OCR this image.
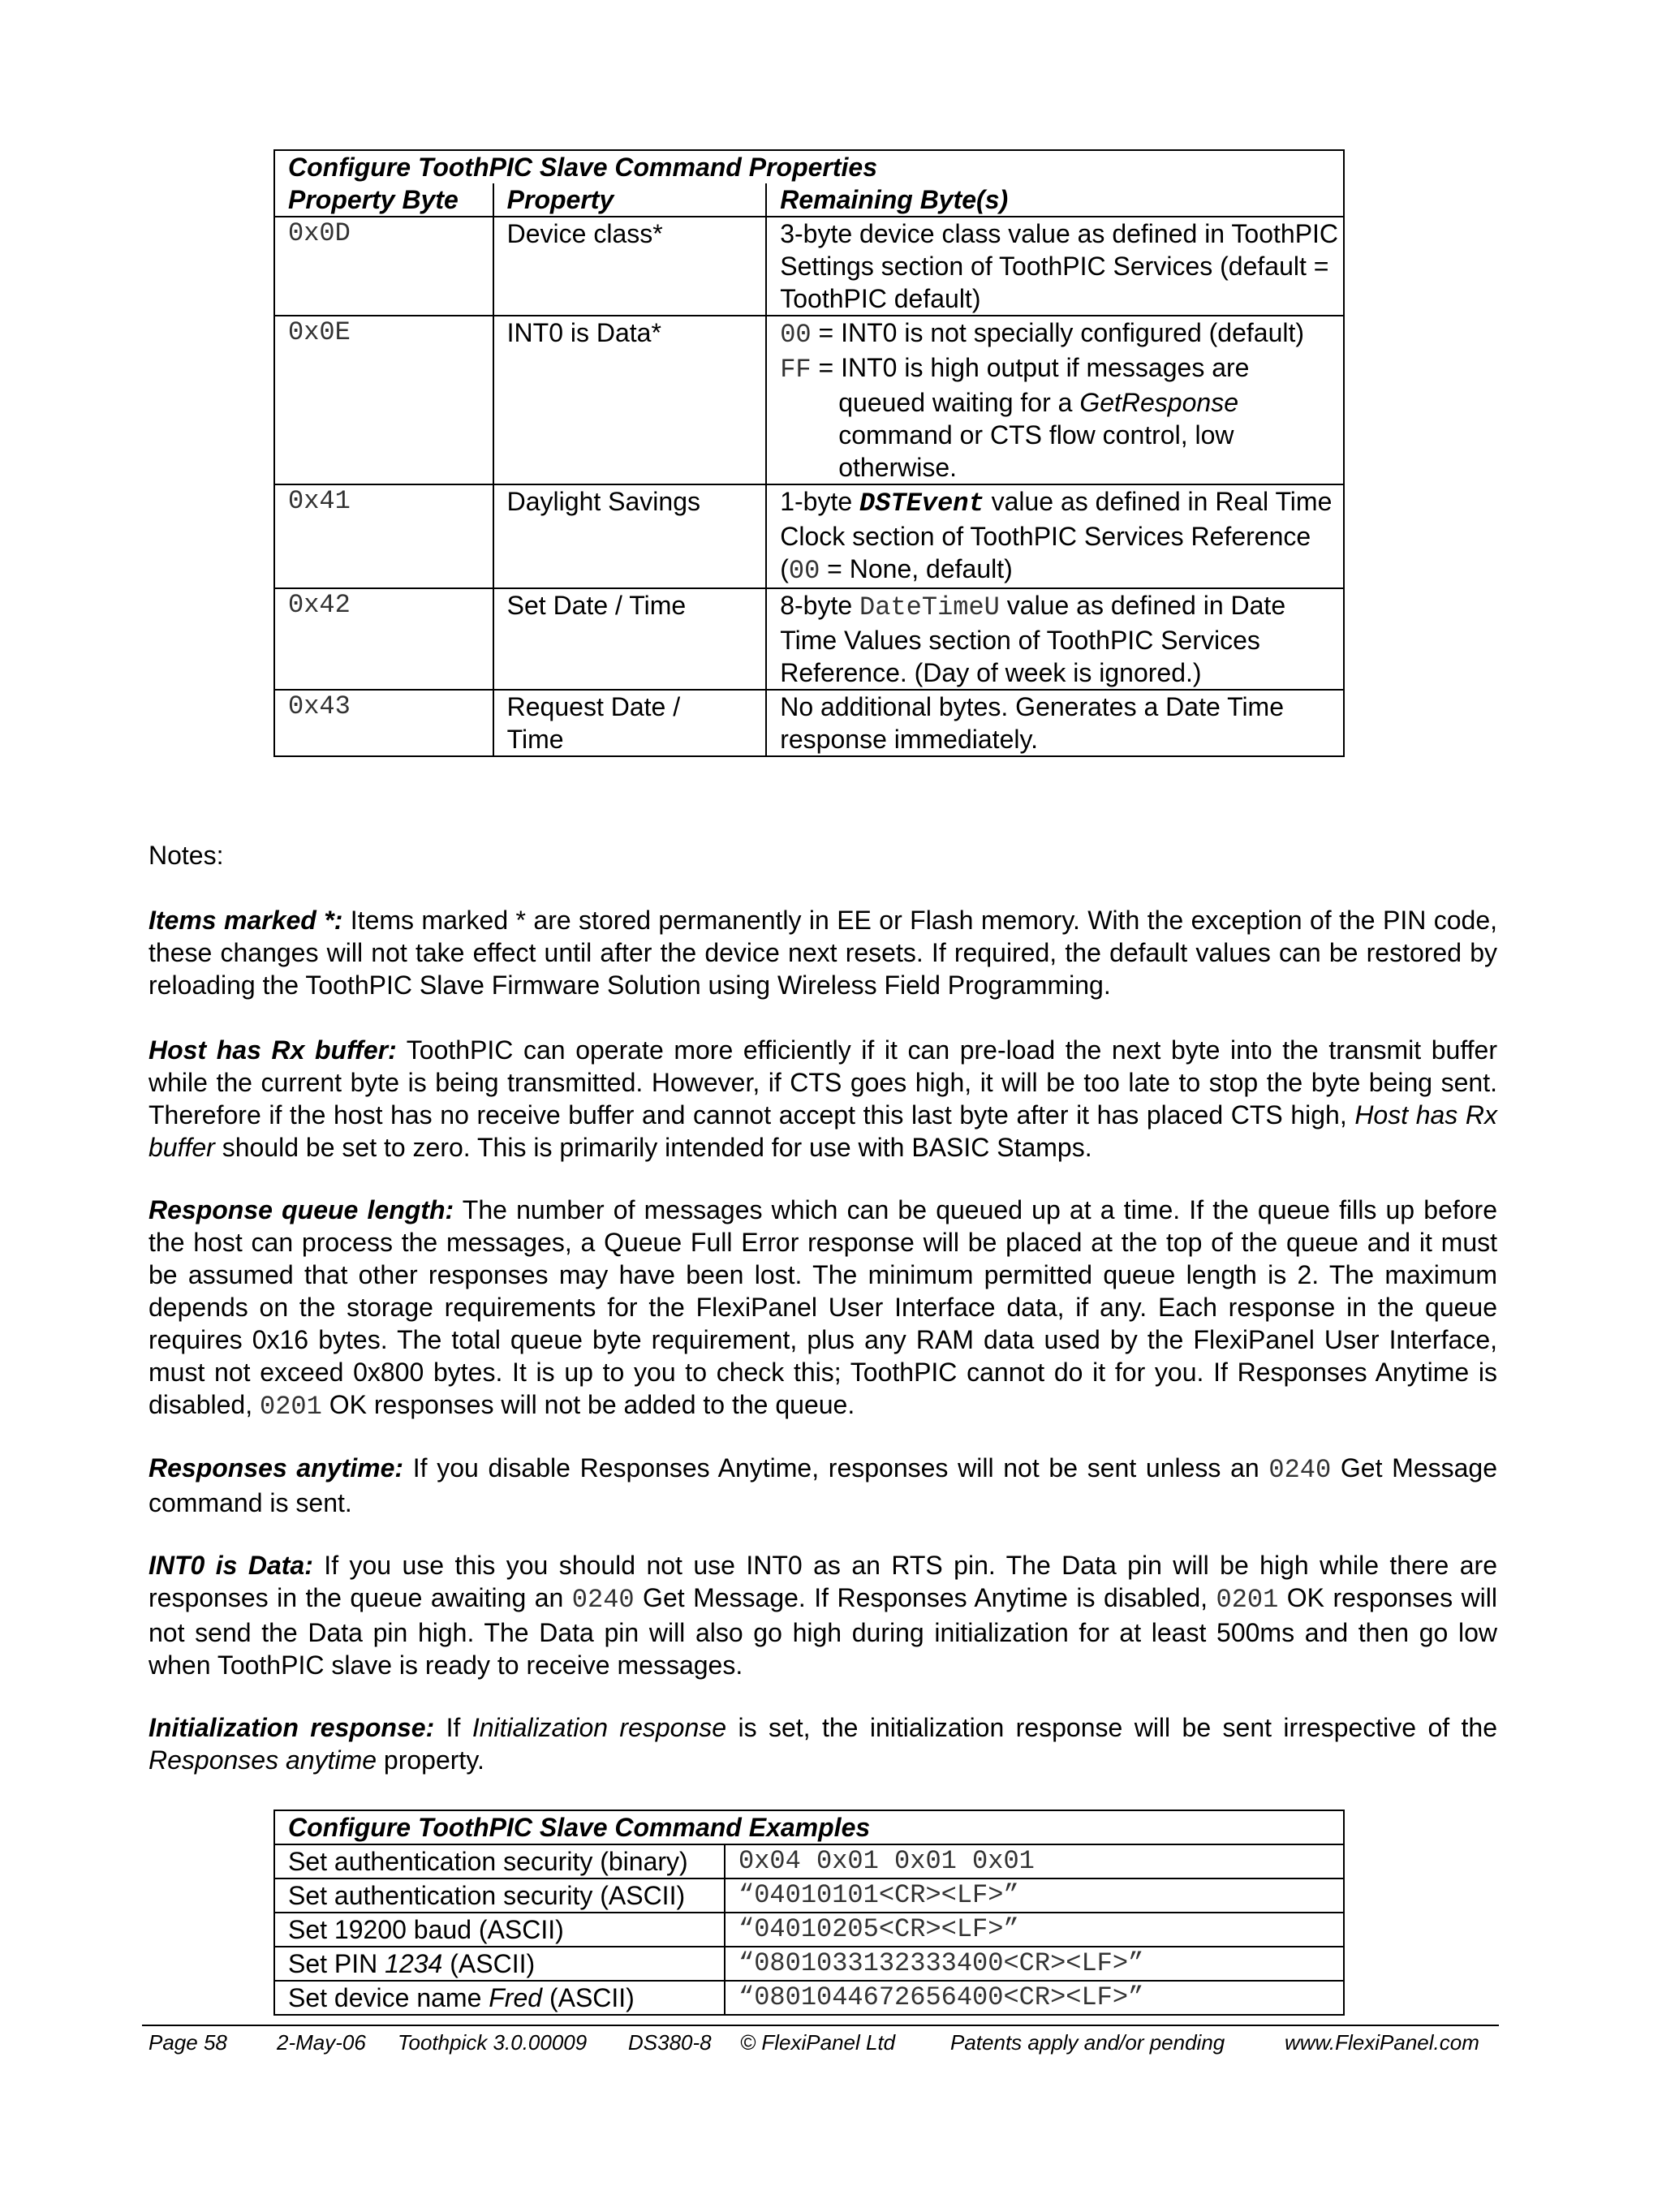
Configure ToothPIC Slave Command Properties		
Property Byte	Property	Remaining Byte(s)
0x0D	Device class*	3-byte device class value as defined in ToothPIC Settings section of ToothPIC Services (default = ToothPIC default)
0x0E	INT0 is Data*	00 = INT0 is not specially configured (default)
FF = INT0 is high output if messages are queued waiting for a GetResponse command or CTS flow control, low otherwise.

0x41	Daylight Savings	1-byte DSTEvent value as defined in Real Time Clock section of ToothPIC Services Reference
(00 = None, default)

0x42	Set Date / Time	8-byte DateTimeU value as defined in Date Time Values section of ToothPIC Services Reference. (Day of week is ignored.)
0x43	Request Date / Time	No additional bytes. Generates a Date Time response immediately.

Notes:

Items marked *: Items marked * are stored permanently in EE or Flash memory. With the exception of the PIN code, these changes will not take effect until after the device next resets. If required, the default values can be restored by reloading the ToothPIC Slave Firmware Solution using Wireless Field Programming.

Host has Rx buffer: ToothPIC can operate more efficiently if it can pre-load the next byte into the transmit buffer while the current byte is being transmitted. However, if CTS goes high, it will be too late to stop the byte being sent. Therefore if the host has no receive buffer and cannot accept this last byte after it has placed CTS high, Host has Rx buffer should be set to zero. This is primarily intended for use with BASIC Stamps.

Response queue length: The number of messages which can be queued up at a time. If the queue fills up before the host can process the messages, a Queue Full Error response will be placed at the top of the queue and it must be assumed that other responses may have been lost. The minimum permitted queue length is 2. The maximum depends on the storage requirements for the FlexiPanel User Interface data, if any. Each response in the queue requires 0x16 bytes. The total queue byte requirement, plus any RAM data used by the FlexiPanel User Interface, must not exceed 0x800 bytes. It is up to you to check this; ToothPIC cannot do it for you. If Responses Anytime is disabled, 0201 OK responses will not be added to the queue.

Responses anytime: If you disable Responses Anytime, responses will not be sent unless an 0240 Get Message command is sent.

INT0 is Data: If you use this you should not use INT0 as an RTS pin. The Data pin will be high while there are responses in the queue awaiting an 0240 Get Message. If Responses Anytime is disabled, 0201 OK responses will not send the Data pin high. The Data pin will also go high during initialization for at least 500ms and then go low when ToothPIC slave is ready to receive messages.

Initialization response: If Initialization response is set, the initialization response will be sent irrespective of the Responses anytime property.

Configure ToothPIC Slave Command Examples	
Set authentication security (binary)	0x04 0x01 0x01 0x01
Set authentication security (ASCII)	“04010101<CR><LF>”
Set 19200 baud (ASCII)	“04010205<CR><LF>”
Set PIN 1234 (ASCII)	“0801033132333400<CR><LF>”
Set device name Fred (ASCII)	“0801044672656400<CR><LF>”
Page 58 2-May-06 Toothpick 3.0.00009 DS380-8 © FlexiPanel Ltd	Patents apply and/or pending	www.FlexiPanel.com
